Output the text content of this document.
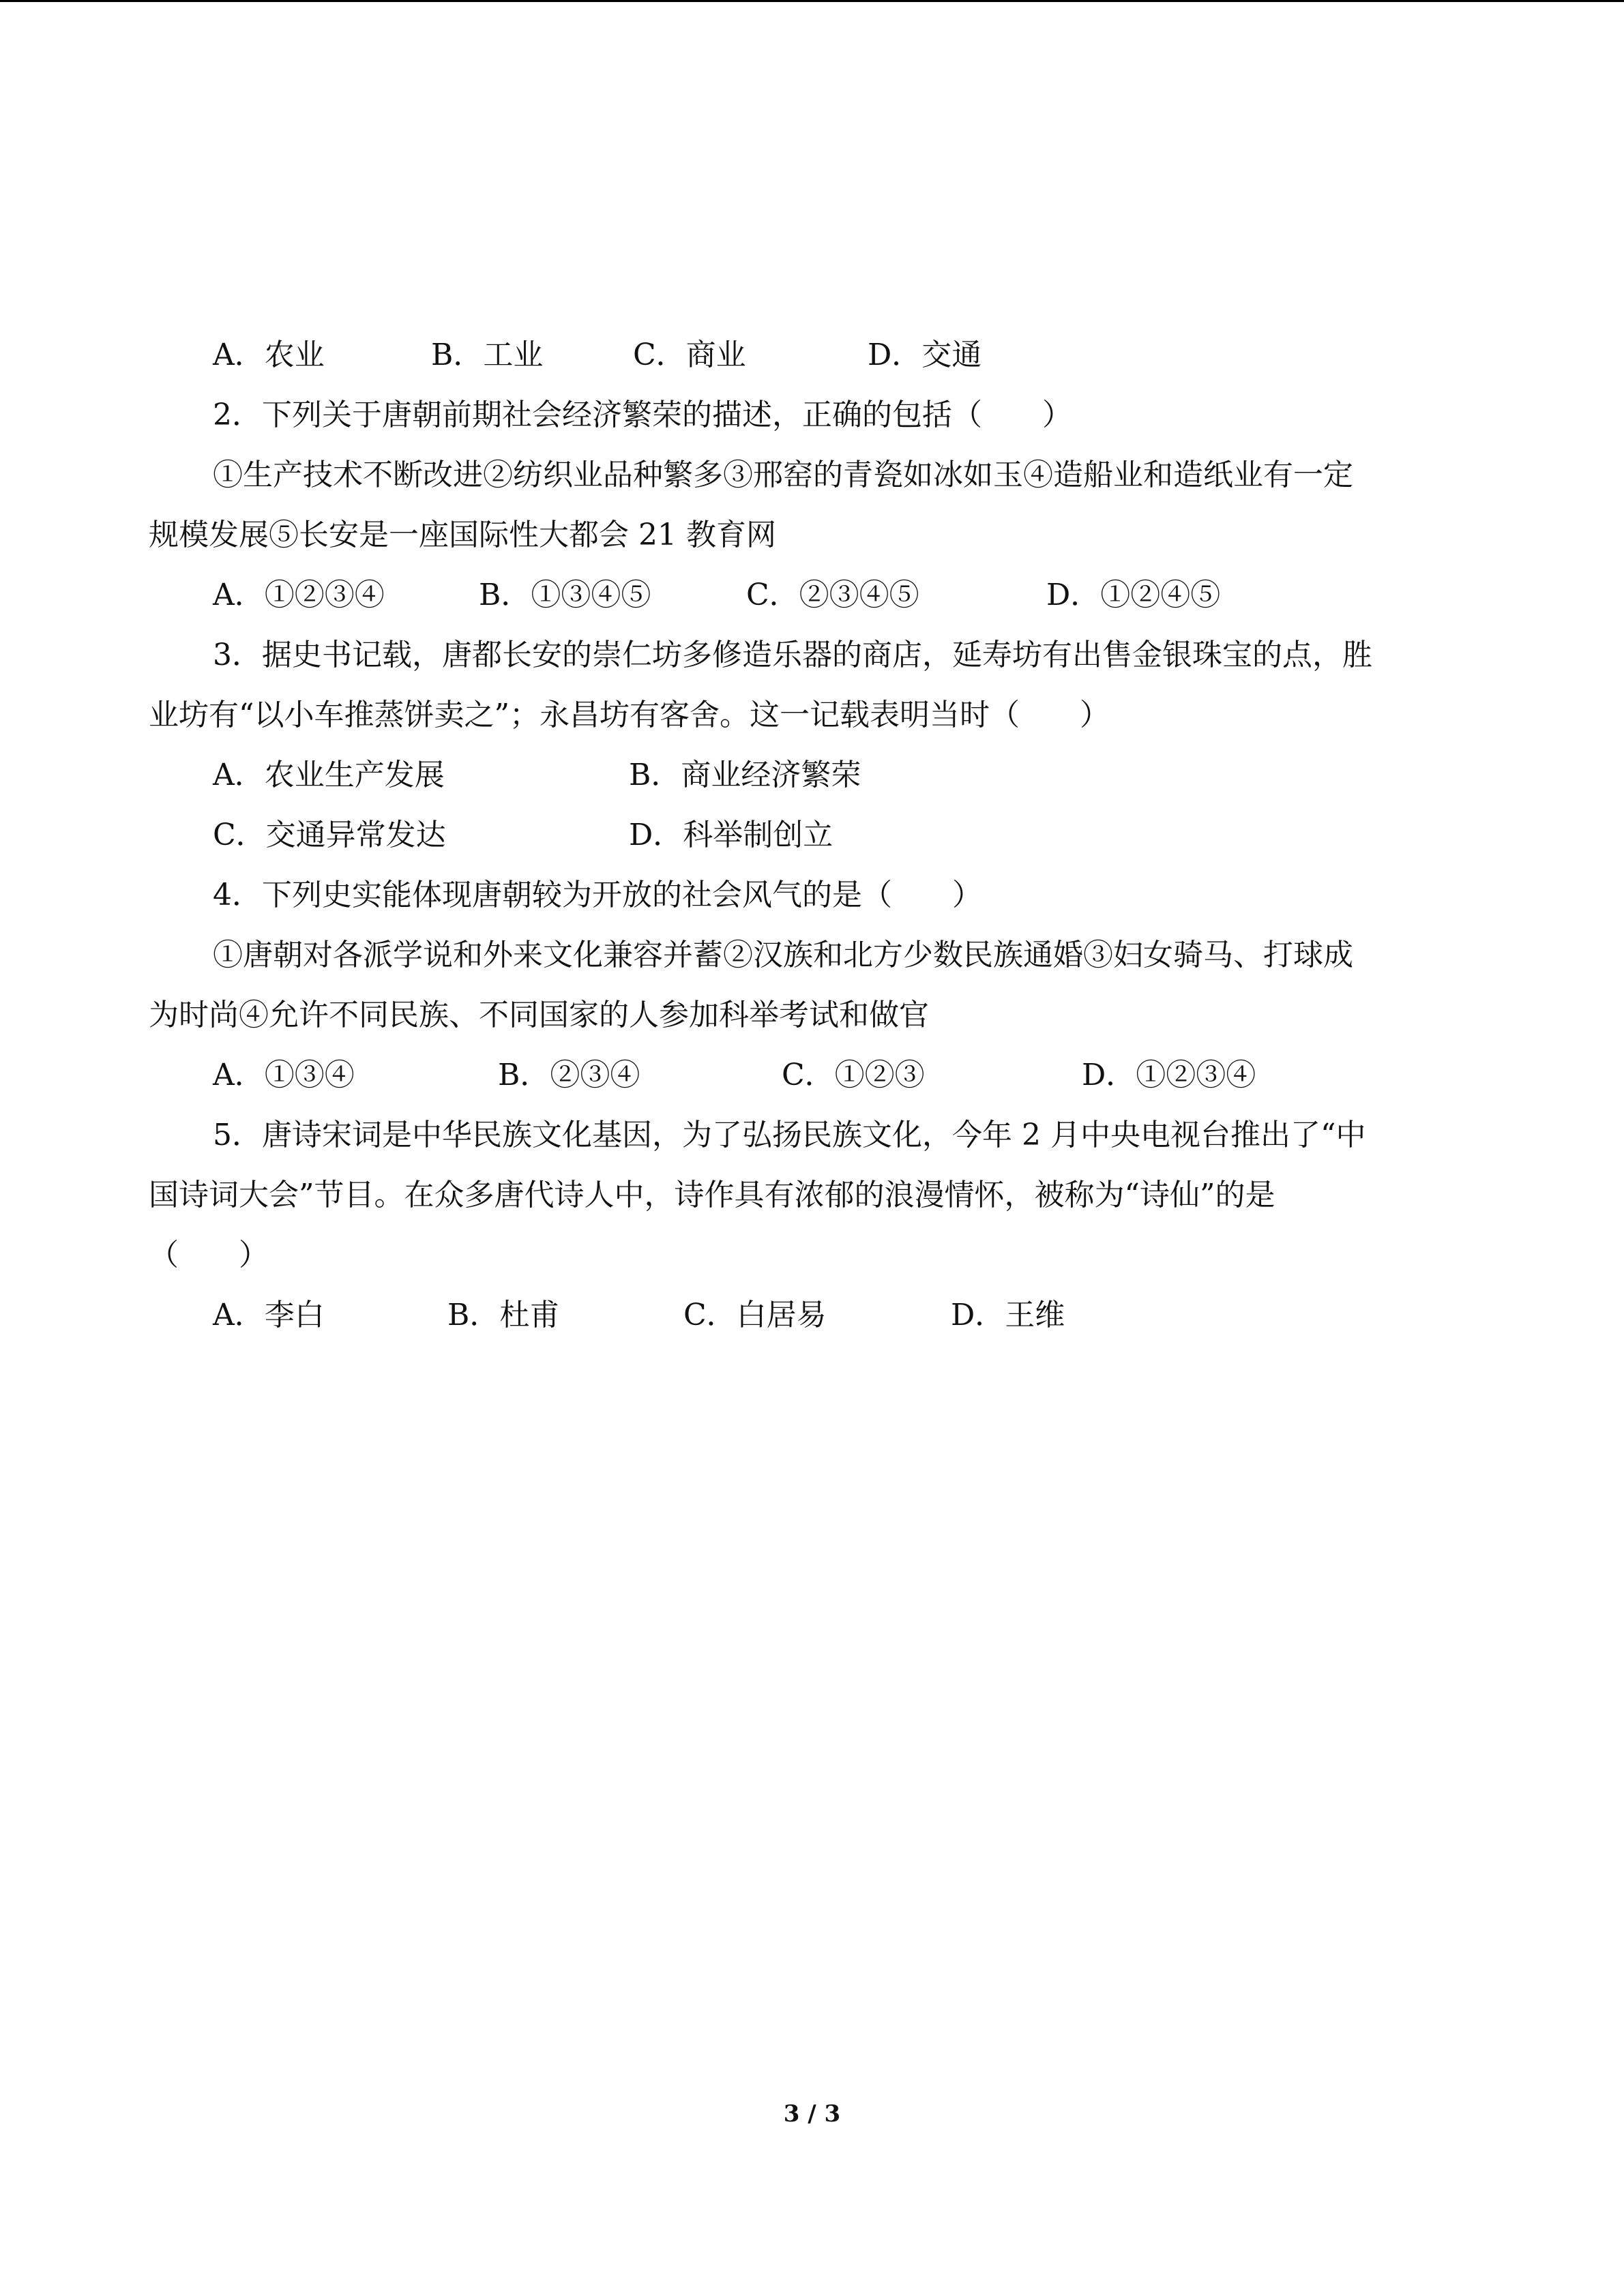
A．农业	B．工业	C．商业	D．交通
2．下列关于唐朝前期社会经济繁荣的描述，正确的包括（　　）
①生产技术不断改进②纺织业品种繁多③邢窑的青瓷如冰如玉④造船业和造纸业有一定
规模发展⑤长安是一座国际性大都会 21 教育网
A．①②③④	B．①③④⑤	C．②③④⑤	D．①②④⑤
3．据史书记载，唐都长安的崇仁坊多修造乐器的商店，延寿坊有出售金银珠宝的点，胜
业坊有“以小车推蒸饼卖之”；永昌坊有客舍。这一记载表明当时（　　）
A．农业生产发展	B．商业经济繁荣
C．交通异常发达	D．科举制创立
4．下列史实能体现唐朝较为开放的社会风气的是（　　）
①唐朝对各派学说和外来文化兼容并蓄②汉族和北方少数民族通婚③妇女骑马、打球成
为时尚④允许不同民族、不同国家的人参加科举考试和做官
A．①③④	B．②③④	C．①②③	D．①②③④
5．唐诗宋词是中华民族文化基因，为了弘扬民族文化，今年 2 月中央电视台推出了“中
国诗词大会”节目。在众多唐代诗人中，诗作具有浓郁的浪漫情怀，被称为“诗仙”的是
（　　）
A．李白	B．杜甫	C．白居易	D．王维
3 / 3
